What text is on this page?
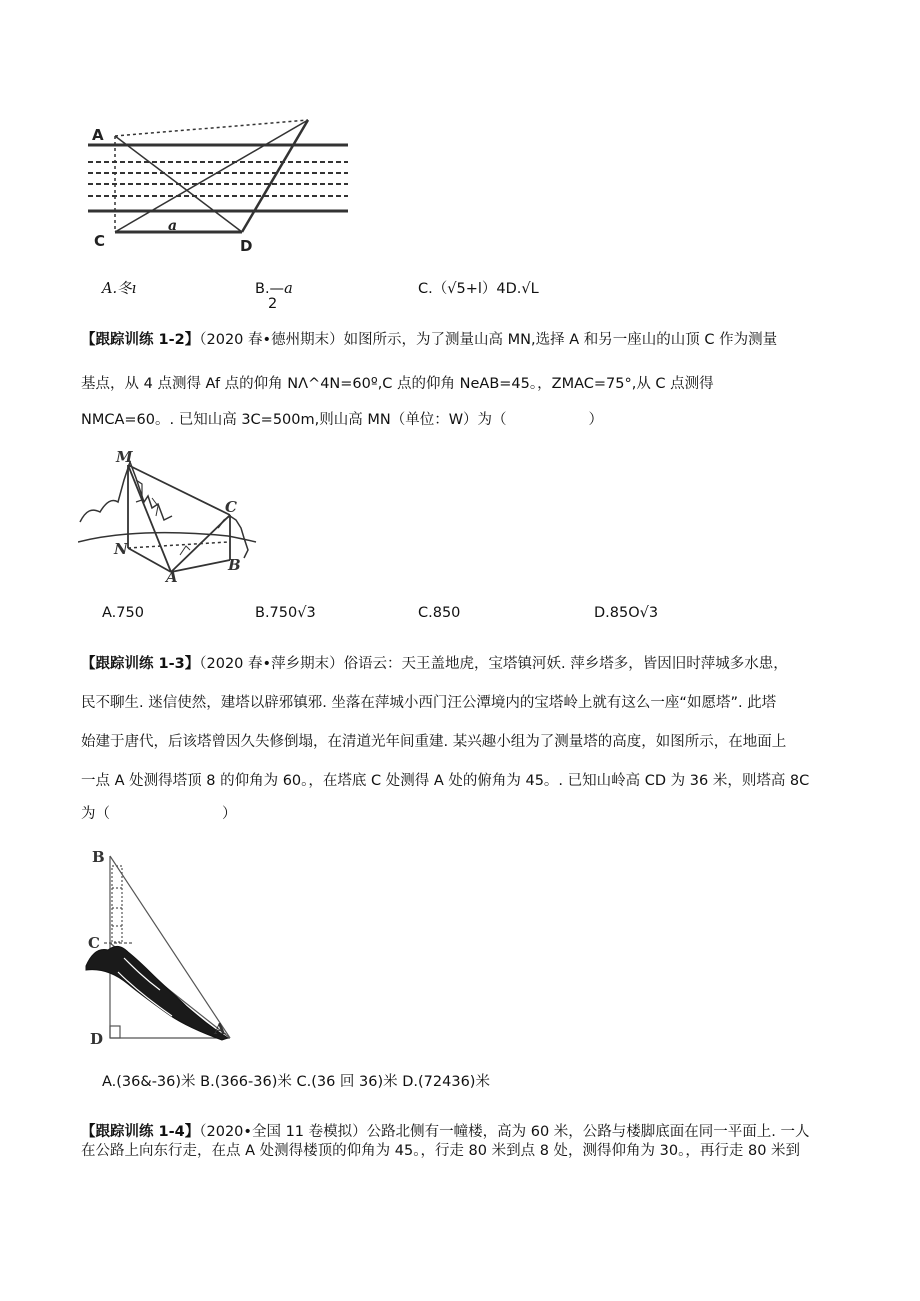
A
C	D
a
A.冬ı	B.—a
2
C.（√5+l）4D.√L
【跟踪训练 1-2】（2020 春•德州期末）如图所示，为了测量山高 MN,选择 A 和另一座山的山顶 C 作为测量
基点，从 4 点测得 Af 点的仰角 NΛ^4N=60º,C 点的仰角 NeAB=45。，ZMAC=75°,从 C 点测得
NMCA=60。. 已知山高 3C=500m,则山高 MN（单位：W）为（	）
M
N
A
B
C
A.750	B.750√3	C.850	D.85O√3
【跟踪训练 1-3】（2020 春•萍乡期末）俗语云：天王盖地虎，宝塔镇河妖. 萍乡塔多，皆因旧时萍城多水患，
民不聊生. 迷信使然，建塔以辟邪镇邪. 坐落在萍城小西门汪公潭境内的宝塔岭上就有这么一座“如愿塔”. 此塔
始建于唐代，后该塔曾因久失修倒塌，在清道光年间重建. 某兴趣小组为了测量塔的高度，如图所示，在地面上
一点 A 处测得塔顶 8 的仰角为 60。，在塔底 C 处测得 A 处的俯角为 45。. 已知山岭高 CD 为 36 米，则塔高 8C
为（	）
B
C
D
A
A.(36&-36)米 B.(366-36)米 C.(36 回 36)米 D.(72436)米
【跟踪训练 1-4】（2020•全国 11 卷模拟）公路北侧有一幢楼，高为 60 米，公路与楼脚底面在同一平面上. 一人
在公路上向东行走，在点 A 处测得楼顶的仰角为 45。，行走 80 米到点 8 处，测得仰角为 30。，再行走 80 米到
